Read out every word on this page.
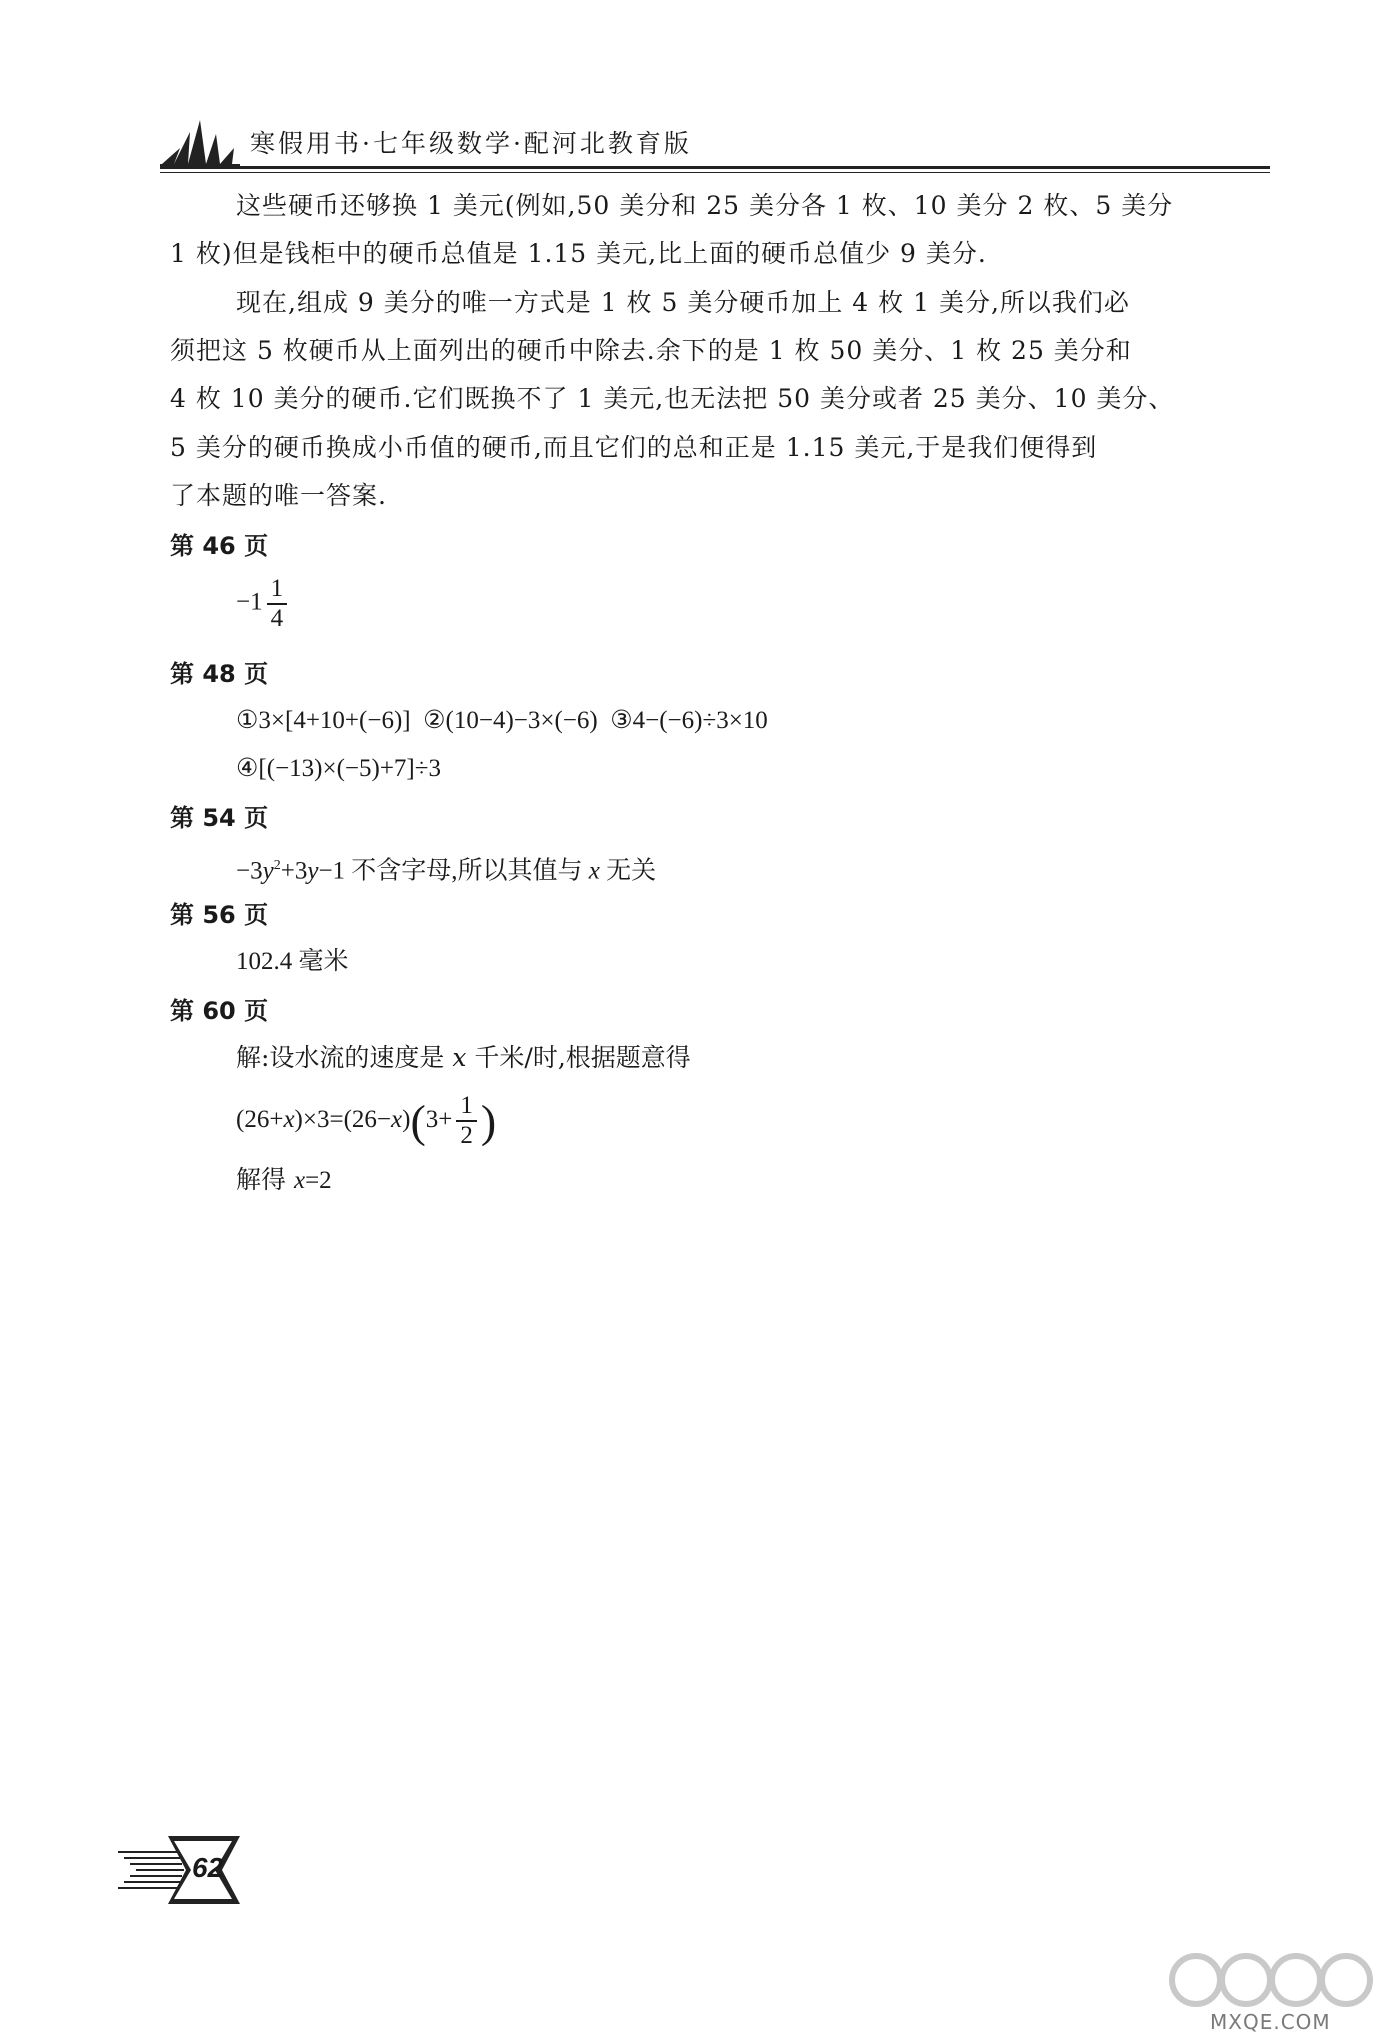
寒假用书·七年级数学·配河北教育版
这些硬币还够换 1 美元(例如,50 美分和 25 美分各 1 枚、10 美分 2 枚、5 美分
1 枚)但是钱柜中的硬币总值是 1.15 美元,比上面的硬币总值少 9 美分.
现在,组成 9 美分的唯一方式是 1 枚 5 美分硬币加上 4 枚 1 美分,所以我们必
须把这 5 枚硬币从上面列出的硬币中除去.余下的是 1 枚 50 美分、1 枚 25 美分和
4 枚 10 美分的硬币.它们既换不了 1 美元,也无法把 50 美分或者 25 美分、10 美分、
5 美分的硬币换成小币值的硬币,而且它们的总和正是 1.15 美元,于是我们便得到
了本题的唯一答案.
第 46 页
$-1 \frac{1}{4}$
第 48 页
①3×[4+10+(−6)]  ②(10−4)−3×(−6)  ③4−(−6)÷3×10
④[(−13)×(−5)+7]÷3
第 54 页
$-3y^2+3y-1$ 不含字母,所以其值与 x 无关
第 56 页
102.4 毫米
第 60 页
解:设水流的速度是 x 千米/时,根据题意得
$(26+x)\times 3=(26-x)(3+ \frac{1}{2}$ )
解得 x=2
62
MXQE.COM
